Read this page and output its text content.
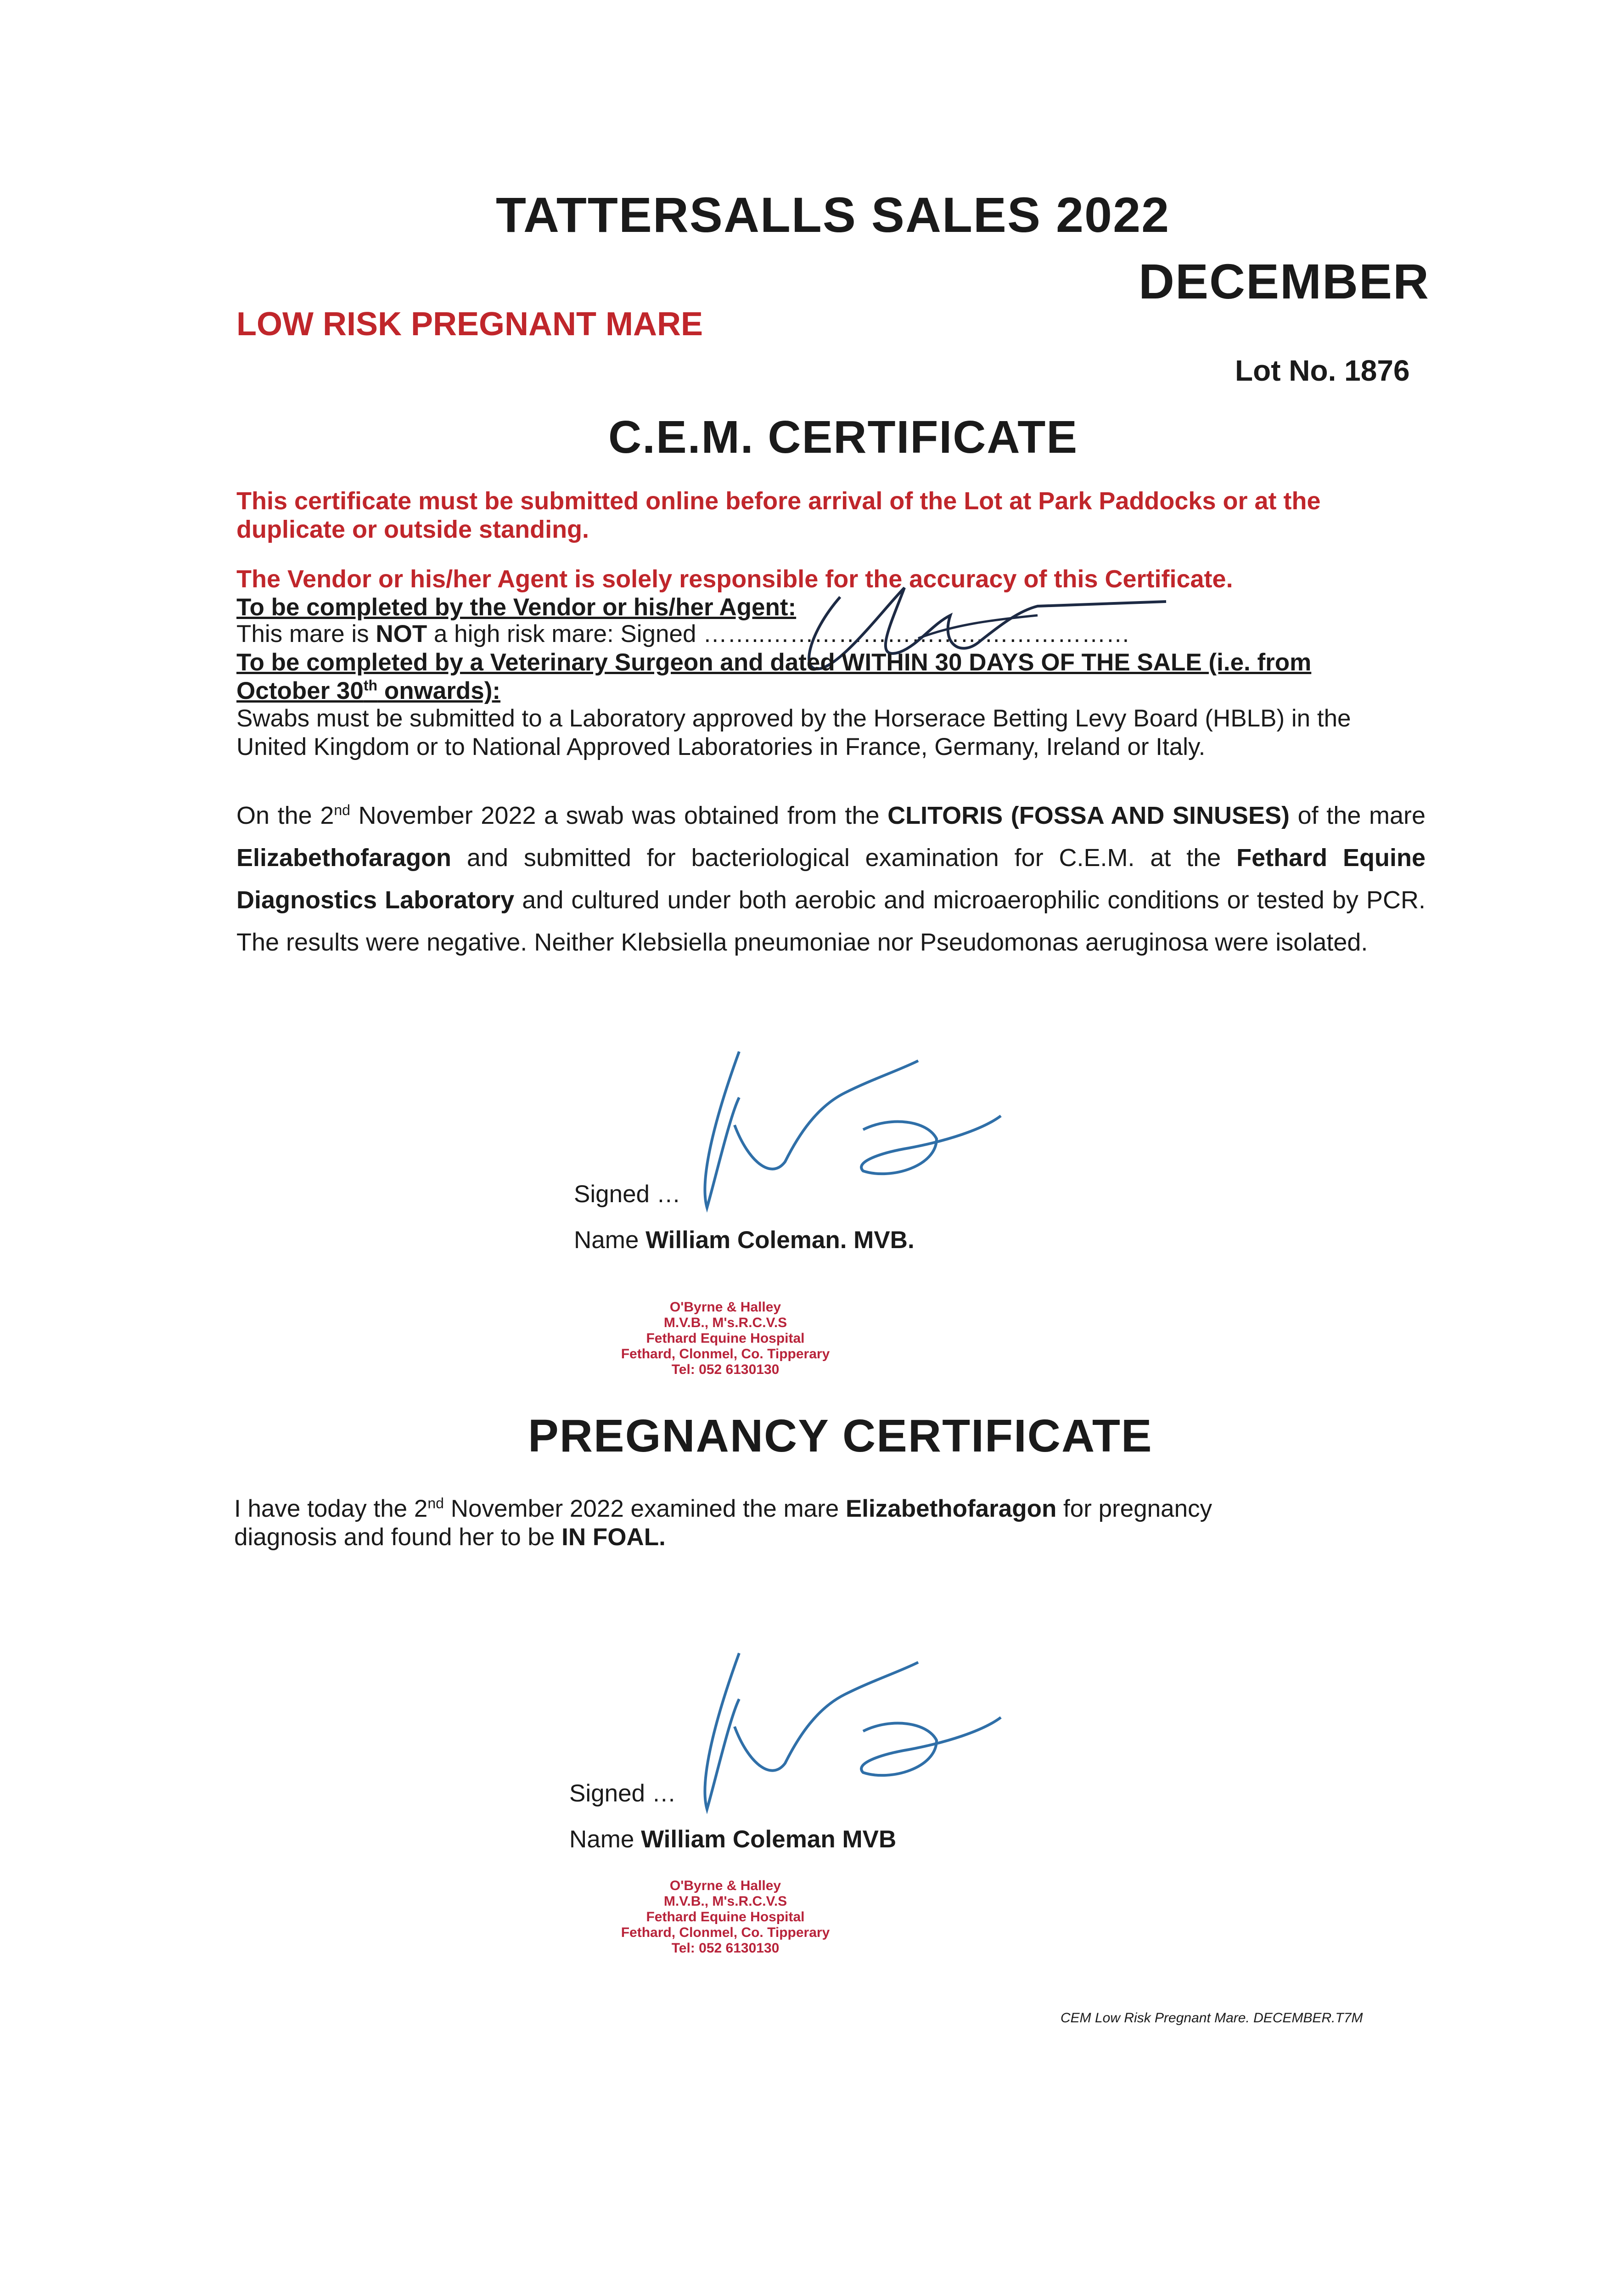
TATTERSALLS SALES 2022
DECEMBER
LOW RISK PREGNANT MARE
Lot No. 1876
C.E.M. CERTIFICATE
This certificate must be submitted online before arrival of the Lot at Park Paddocks or at the duplicate or outside standing.
The Vendor or his/her Agent is solely responsible for the accuracy of this Certificate.
To be completed by the Vendor or his/her Agent:
This mare is NOT a high risk mare: Signed ……..………………………………………
To be completed by a Veterinary Surgeon and dated WITHIN 30 DAYS OF THE SALE (i.e. from
October 30th onwards):
Swabs must be submitted to a Laboratory approved by the Horserace Betting Levy Board (HBLB) in the United Kingdom or to National Approved Laboratories in France, Germany, Ireland or Italy.
On the 2nd November 2022 a swab was obtained from the CLITORIS (FOSSA AND SINUSES) of the mare Elizabethofaragon and submitted for bacteriological examination for C.E.M. at the Fethard Equine Diagnostics Laboratory and cultured under both aerobic and microaerophilic conditions or tested by PCR. The results were negative. Neither Klebsiella pneumoniae nor Pseudomonas aeruginosa were isolated.
Signed …
Name William Coleman. MVB.
O'Byrne & Halley
M.V.B., M's.R.C.V.S
Fethard Equine Hospital
Fethard, Clonmel, Co. Tipperary
Tel: 052 6130130
PREGNANCY CERTIFICATE
I have today the 2nd November 2022 examined the mare Elizabethofaragon for pregnancy diagnosis and found her to be IN FOAL.
Signed …
Name William Coleman MVB
O'Byrne & Halley
M.V.B., M's.R.C.V.S
Fethard Equine Hospital
Fethard, Clonmel, Co. Tipperary
Tel: 052 6130130
CEM Low Risk Pregnant Mare. DECEMBER.T7M
